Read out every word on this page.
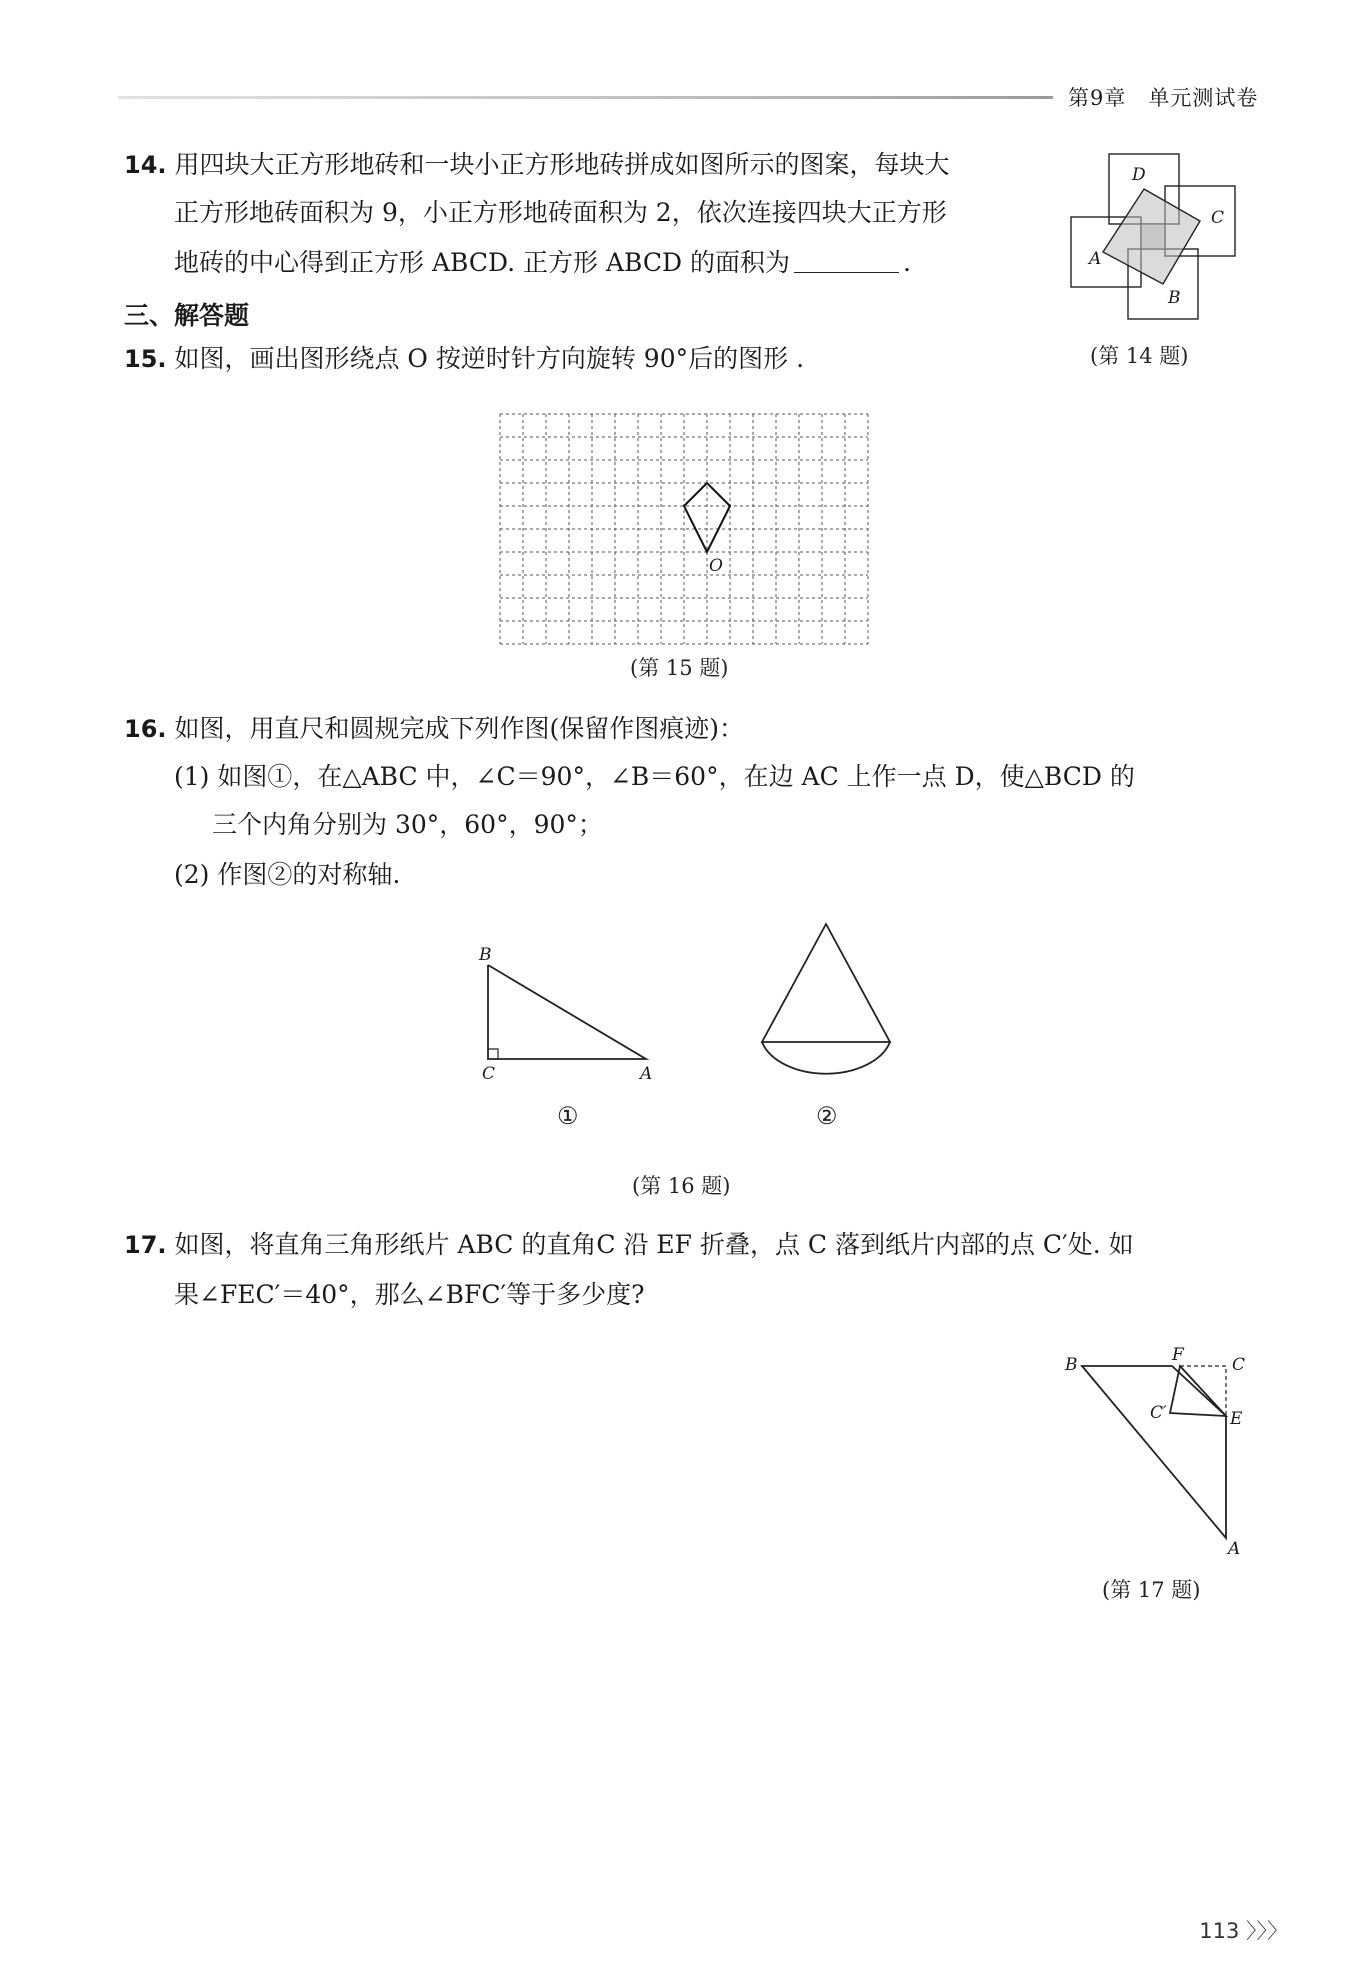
第9章　单元测试卷
14. 用四块大正方形地砖和一块小正方形地砖拼成如图所示的图案，每块大
正方形地砖面积为 9，小正方形地砖面积为 2，依次连接四块大正方形
地砖的中心得到正方形 ABCD. 正方形 ABCD 的面积为	.
D
C
A
B
(第 14 题)
三、解答题
15. 如图，画出图形绕点 O 按逆时针方向旋转 90°后的图形 .
O
(第 15 题)
16. 如图，用直尺和圆规完成下列作图(保留作图痕迹)：
(1) 如图①，在△ABC 中，∠C＝90°，∠B＝60°，在边 AC 上作一点 D，使△BCD 的
三个内角分别为 30°，60°，90°；
(2) 作图②的对称轴.
B
C	A
①	②
(第 16 题)
17. 如图，将直角三角形纸片 ABC 的直角C 沿 EF 折叠，点 C 落到纸片内部的点 C′处. 如
果∠FEC′＝40°，那么∠BFC′等于多少度?
B	F	C
C′	E
A
(第 17 题)
113 〉〉〉
